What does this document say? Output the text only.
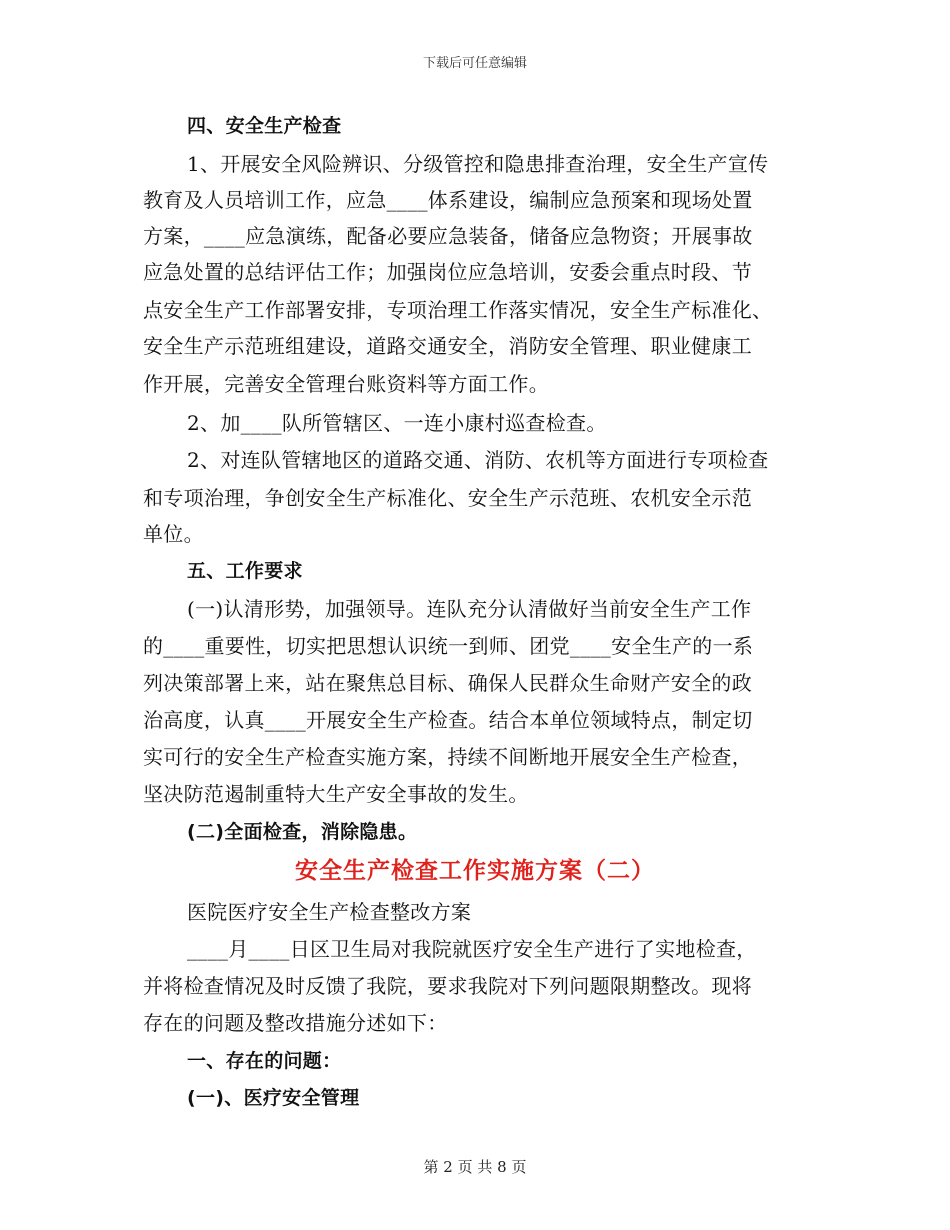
下载后可任意编辑
四、安全生产检查
1、开展安全风险辨识、分级管控和隐患排查治理，安全生产宣传
教育及人员培训工作，应急____体系建设，编制应急预案和现场处置
方案，____应急演练，配备必要应急装备，储备应急物资；开展事故
应急处置的总结评估工作；加强岗位应急培训，安委会重点时段、节
点安全生产工作部署安排，专项治理工作落实情况，安全生产标准化、
安全生产示范班组建设，道路交通安全，消防安全管理、职业健康工
作开展，完善安全管理台账资料等方面工作。
2、加____队所管辖区、一连小康村巡查检查。
2、对连队管辖地区的道路交通、消防、农机等方面进行专项检查
和专项治理，争创安全生产标准化、安全生产示范班、农机安全示范
单位。
五、工作要求
(一)认清形势，加强领导。连队充分认清做好当前安全生产工作
的____重要性，切实把思想认识统一到师、团党____安全生产的一系
列决策部署上来，站在聚焦总目标、确保人民群众生命财产安全的政
治高度，认真____开展安全生产检查。结合本单位领域特点，制定切
实可行的安全生产检查实施方案，持续不间断地开展安全生产检查，
坚决防范遏制重特大生产安全事故的发生。
(二)全面检查，消除隐患。
安全生产检查工作实施方案（二）
医院医疗安全生产检查整改方案
____月____日区卫生局对我院就医疗安全生产进行了实地检查，
并将检查情况及时反馈了我院，要求我院对下列问题限期整改。现将
存在的问题及整改措施分述如下：
一、存在的问题：
(一)、医疗安全管理
第 2 页 共 8 页
